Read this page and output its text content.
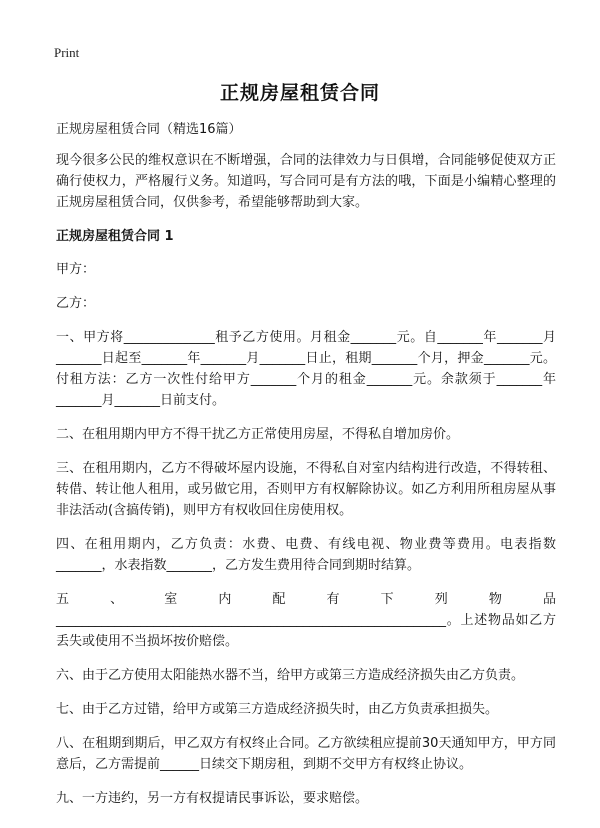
Print
正规房屋租赁合同

正规房屋租赁合同（精选16篇）

现今很多公民的维权意识在不断增强，合同的法律效力与日俱增，合同能够促使双方正确行使权力，严格履行义务。知道吗，写合同可是有方法的哦，下面是小编精心整理的正规房屋租赁合同，仅供参考，希望能够帮助到大家。

正规房屋租赁合同 1

甲方：

乙方：

一、甲方将______________租予乙方使用。月租金_______元。自_______年_______月_______日起至_______年_______月_______日止，租期_______个月，押金_______元。付租方法：乙方一次性付给甲方_______个月的租金_______元。余款须于_______年_______月_______日前支付。

二、在租用期内甲方不得干扰乙方正常使用房屋，不得私自增加房价。

三、在租用期内，乙方不得破坏屋内设施，不得私自对室内结构进行改造，不得转租、转借、转让他人租用，或另做它用，否则甲方有权解除协议。如乙方利用所租房屋从事非法活动(含搞传销)，则甲方有权收回住房使用权。

四、在租用期内，乙方负责：水费、电费、有线电视、物业费等费用。电表指数_______，水表指数_______，乙方发生费用待合同到期时结算。

五、室内配有下列物品____________________________________________________________。上述物品如乙方丢失或使用不当损坏按价赔偿。

六、由于乙方使用太阳能热水器不当，给甲方或第三方造成经济损失由乙方负责。

七、由于乙方过错，给甲方或第三方造成经济损失时，由乙方负责承担损失。

八、在租期到期后，甲乙双方有权终止合同。乙方欲续租应提前30天通知甲方，甲方同意后，乙方需提前______日续交下期房租，到期不交甲方有权终止协议。

九、一方违约，另一方有权提请民事诉讼，要求赔偿。
